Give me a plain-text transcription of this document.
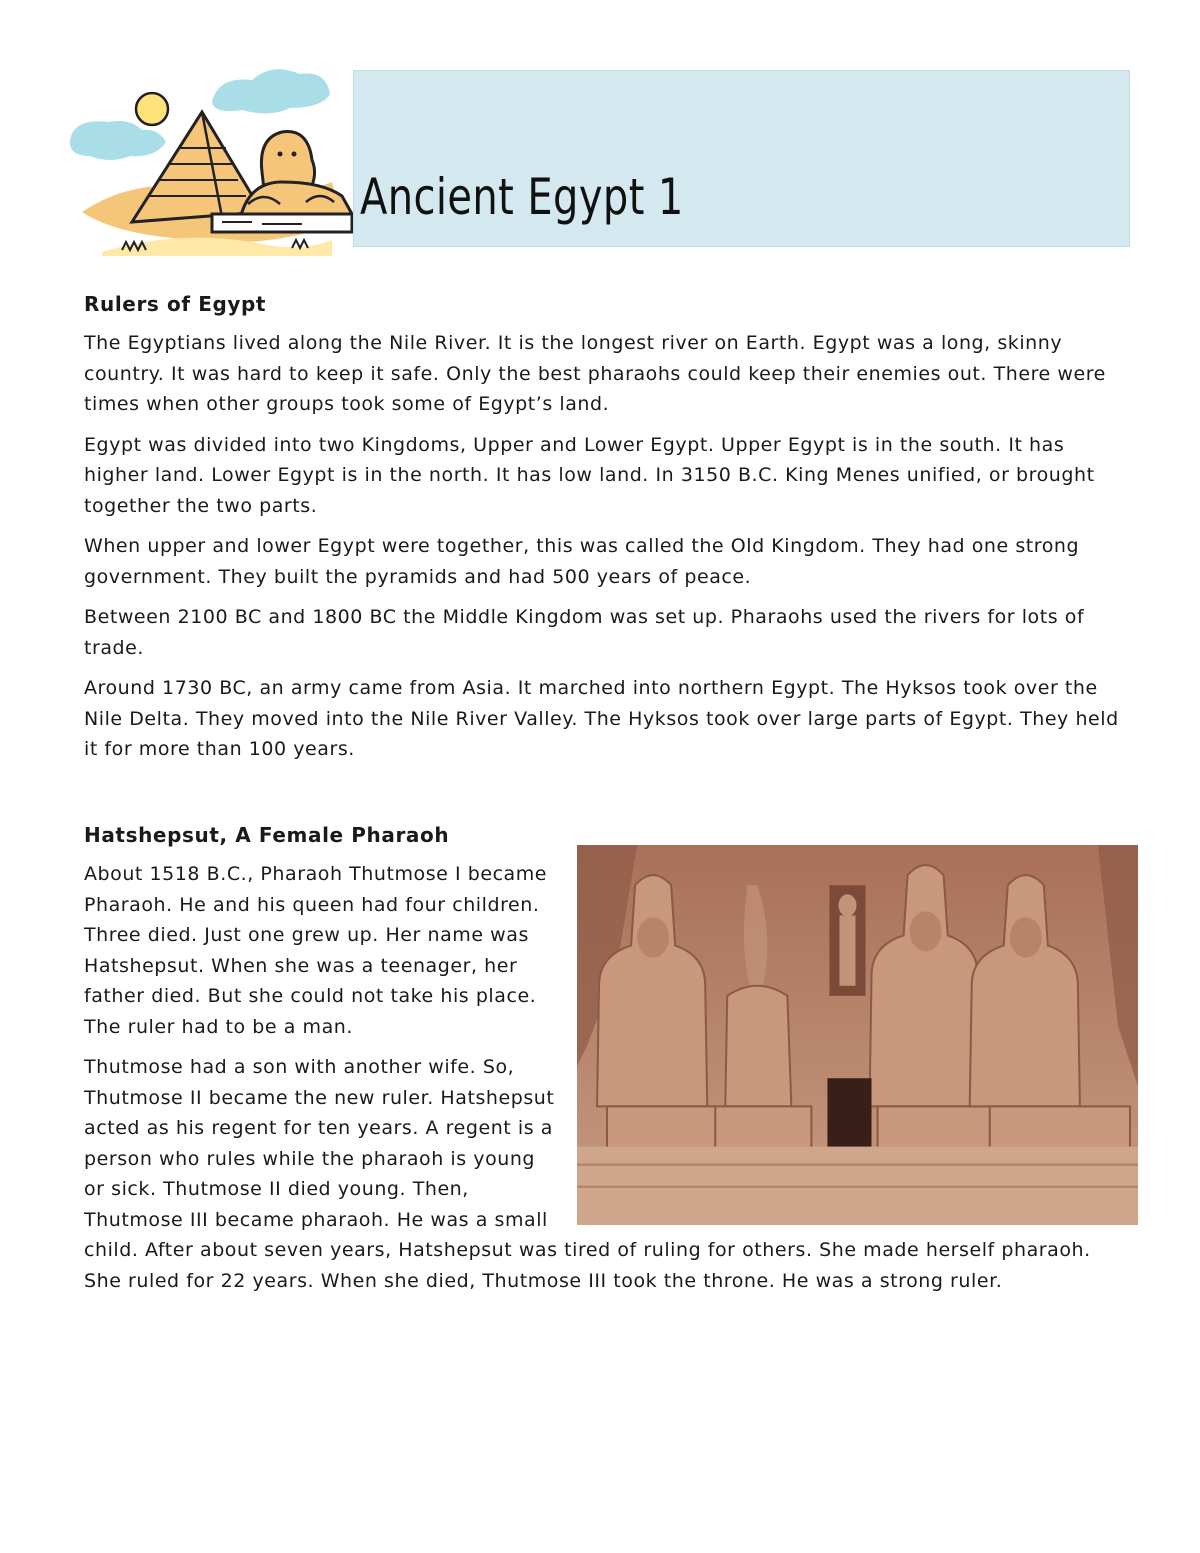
Ancient Egypt 1
Rulers of Egypt

The Egyptians lived along the Nile River. It is the longest river on Earth. Egypt was a long, skinny country. It was hard to keep it safe. Only the best pharaohs could keep their enemies out. There were times when other groups took some of Egypt’s land.

Egypt was divided into two Kingdoms, Upper and Lower Egypt. Upper Egypt is in the south. It has higher land. Lower Egypt is in the north. It has low land. In 3150 B.C. King Menes unified, or brought together the two parts.

When upper and lower Egypt were together, this was called the Old Kingdom. They had one strong government. They built the pyramids and had 500 years of peace.

Between 2100 BC and 1800 BC the Middle Kingdom was set up. Pharaohs used the rivers for lots of trade.

Around 1730 BC, an army came from Asia. It marched into northern Egypt. The Hyksos took over the Nile Delta. They moved into the Nile River Valley. The Hyksos took over large parts of Egypt. They held it for more than 100 years.

Hatshepsut, A Female Pharaoh

About 1518 B.C., Pharaoh Thutmose I became Pharaoh. He and his queen had four children. Three died. Just one grew up. Her name was Hatshepsut. When she was a teenager, her father died. But she could not take his place. The ruler had to be a man.

Thutmose had a son with another wife. So, Thutmose II became the new ruler. Hatshepsut acted as his regent for ten years. A regent is a person who rules while the pharaoh is young or sick. Thutmose II died young. Then, Thutmose III became pharaoh. He was a small child. After about seven years, Hatshepsut was tired of ruling for others. She made herself pharaoh. She ruled for 22 years. When she died, Thutmose III took the throne. He was a strong ruler.
